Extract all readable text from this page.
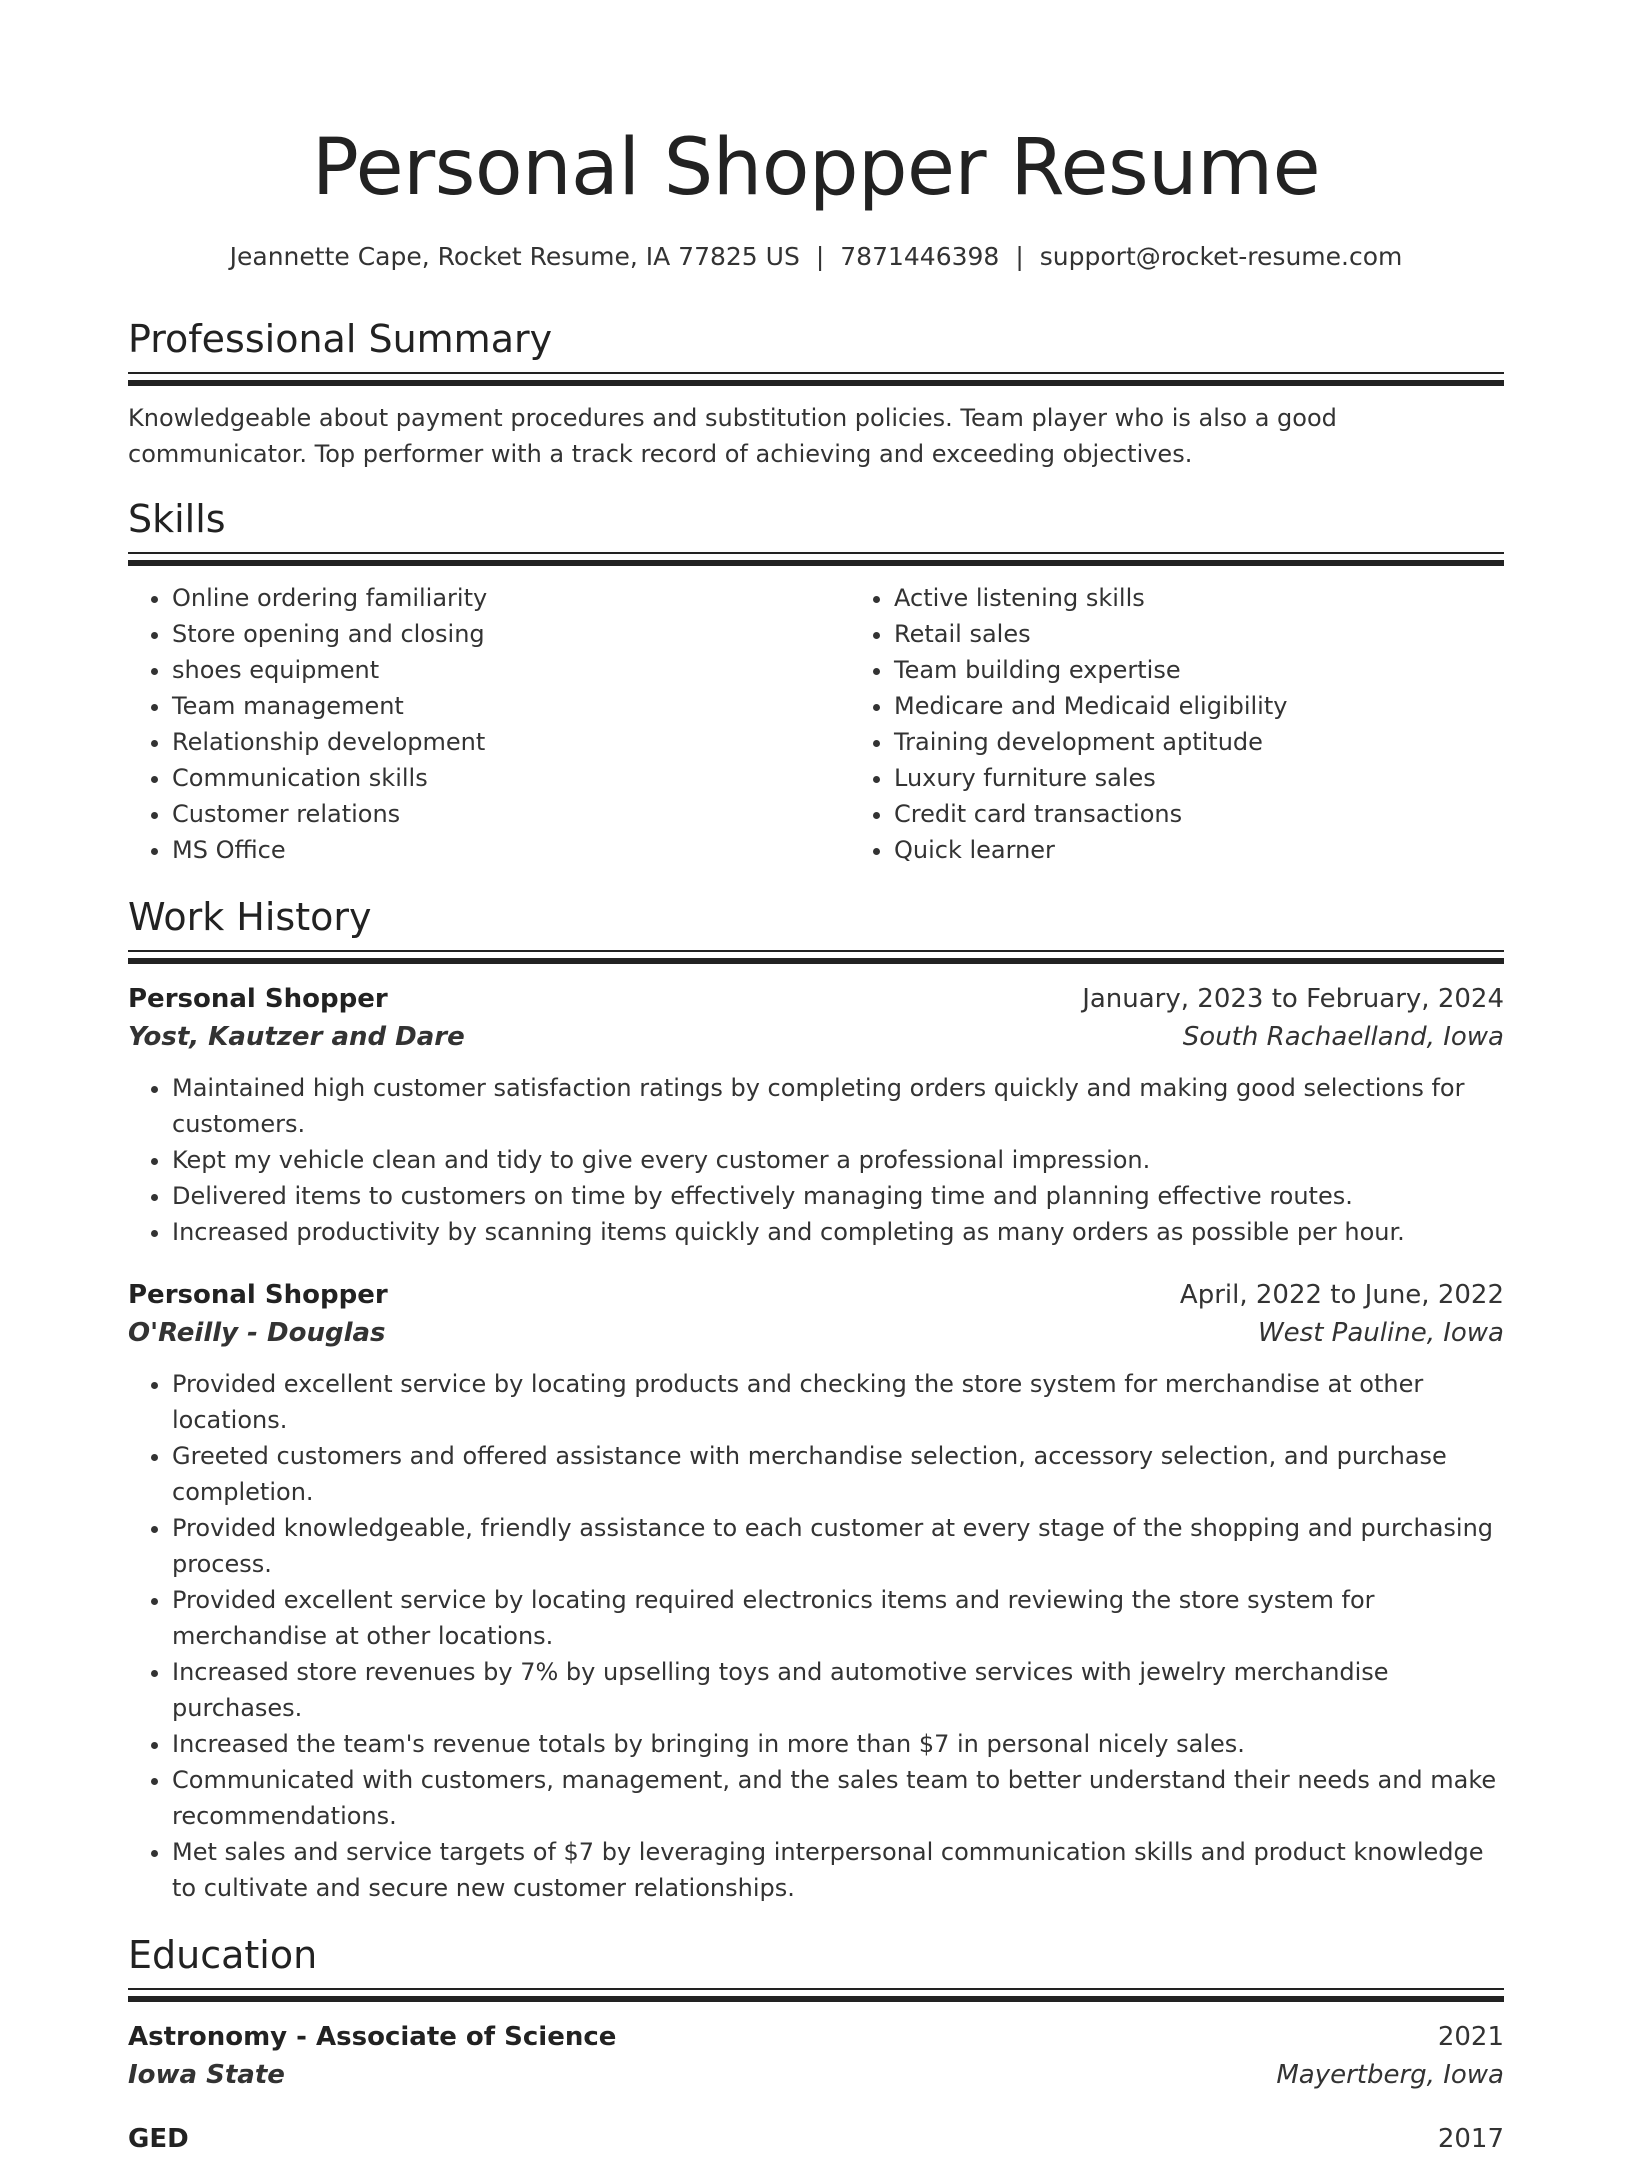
Personal Shopper Resume
Jeannette Cape, Rocket Resume, IA 77825 US | 7871446398 | support@rocket-resume.com
Professional Summary

Knowledgeable about payment procedures and substitution policies. Team player who is also a good communicator. Top performer with a track record of achieving and exceeding objectives.

Skills
• Online ordering familiarity
• Store opening and closing
• shoes equipment
• Team management
• Relationship development
• Communication skills
• Customer relations
• MS Office
• Active listening skills
• Retail sales
• Team building expertise
• Medicare and Medicaid eligibility
• Training development aptitude
• Luxury furniture sales
• Credit card transactions
• Quick learner
Work History
Personal Shopper	January, 2023 to February, 2024
Yost, Kautzer and Dare	South Rachaelland, Iowa
• Maintained high customer satisfaction ratings by completing orders quickly and making good selections for customers.
• Kept my vehicle clean and tidy to give every customer a professional impression.
• Delivered items to customers on time by effectively managing time and planning effective routes.
• Increased productivity by scanning items quickly and completing as many orders as possible per hour.
Personal Shopper	April, 2022 to June, 2022
O'Reilly - Douglas	West Pauline, Iowa
• Provided excellent service by locating products and checking the store system for merchandise at other locations.
• Greeted customers and offered assistance with merchandise selection, accessory selection, and purchase completion.
• Provided knowledgeable, friendly assistance to each customer at every stage of the shopping and purchasing process.
• Provided excellent service by locating required electronics items and reviewing the store system for merchandise at other locations.
• Increased store revenues by 7% by upselling toys and automotive services with jewelry merchandise purchases.
• Increased the team's revenue totals by bringing in more than $7 in personal nicely sales.
• Communicated with customers, management, and the sales team to better understand their needs and make recommendations.
• Met sales and service targets of $7 by leveraging interpersonal communication skills and product knowledge to cultivate and secure new customer relationships.
Education
Astronomy - Associate of Science	2021
Iowa State	Mayertberg, Iowa
GED	2017
